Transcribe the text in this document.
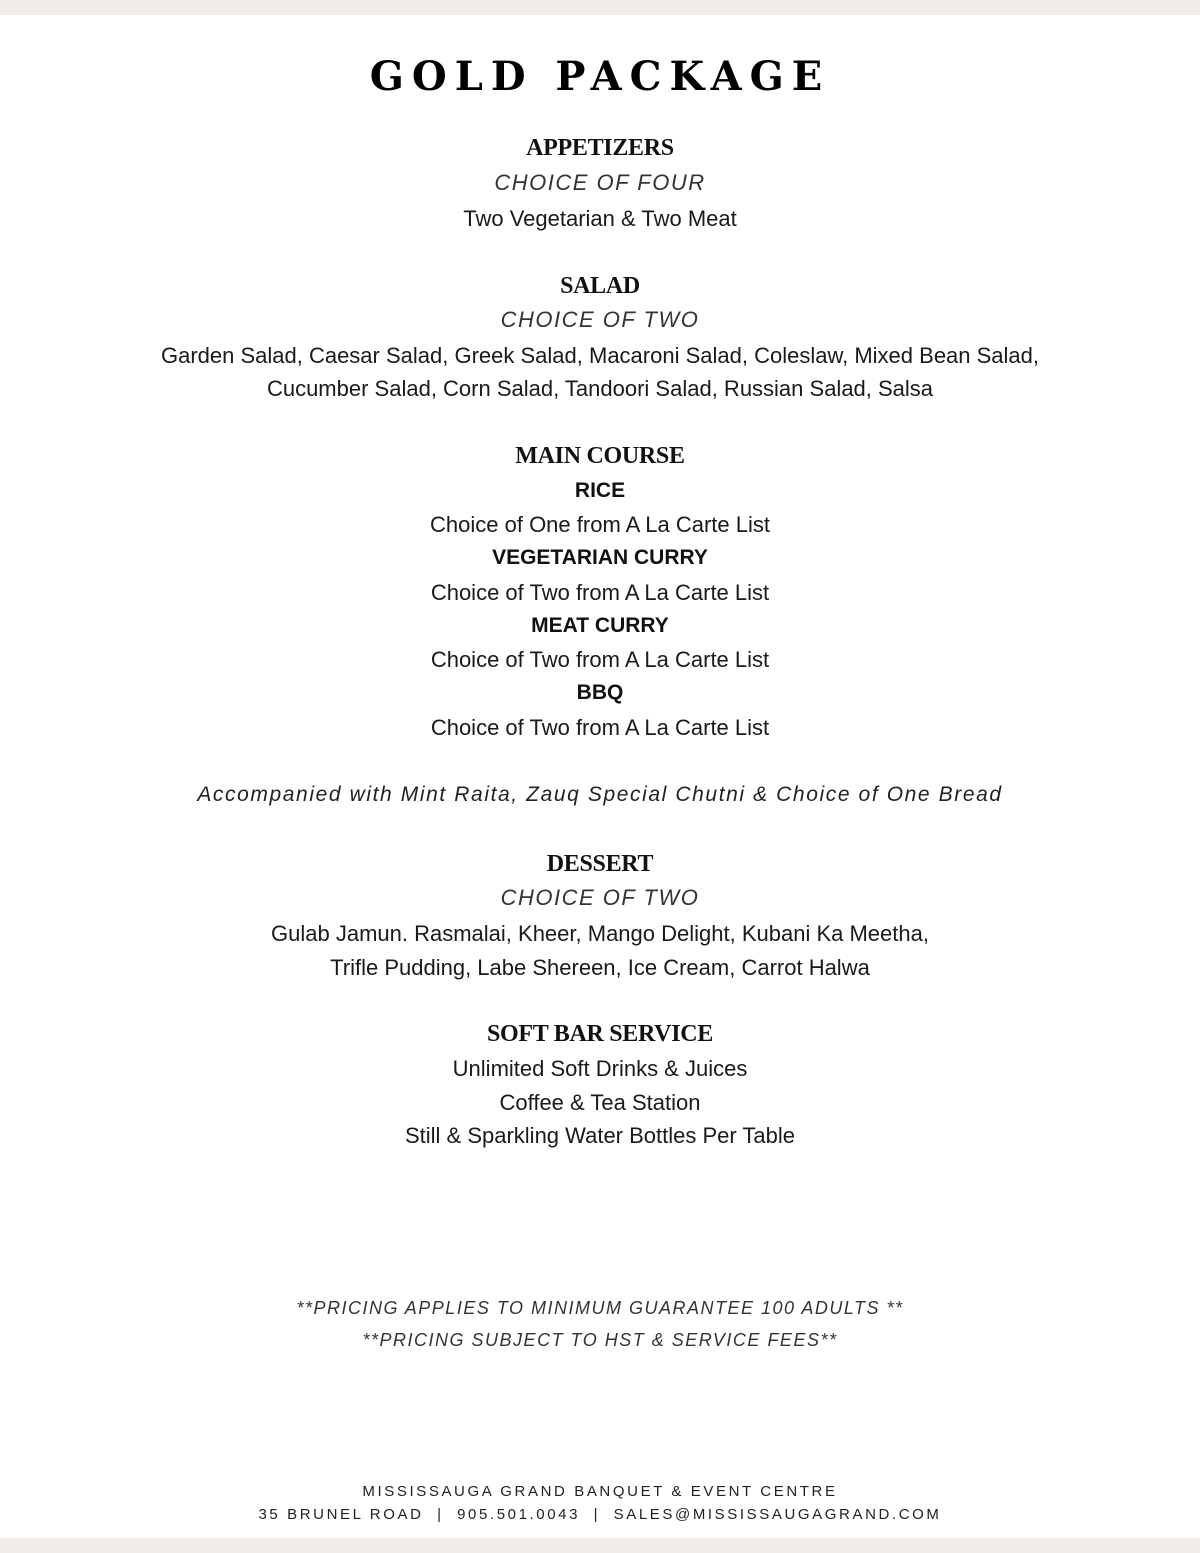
GOLD PACKAGE
APPETIZERS
CHOICE OF FOUR
Two Vegetarian & Two Meat
SALAD
CHOICE OF TWO
Garden Salad, Caesar Salad, Greek Salad, Macaroni Salad, Coleslaw, Mixed Bean Salad,
Cucumber Salad, Corn Salad, Tandoori Salad, Russian Salad, Salsa
MAIN COURSE
RICE
Choice of One from A La Carte List
VEGETARIAN CURRY
Choice of Two from A La Carte List
MEAT CURRY
Choice of Two from A La Carte List
BBQ
Choice of Two from A La Carte List
Accompanied with Mint Raita, Zauq Special Chutni & Choice of One Bread
DESSERT
CHOICE OF TWO
Gulab Jamun. Rasmalai, Kheer, Mango Delight, Kubani Ka Meetha,
Trifle Pudding, Labe Shereen, Ice Cream, Carrot Halwa
SOFT BAR SERVICE
Unlimited Soft Drinks & Juices
Coffee & Tea Station
Still & Sparkling Water Bottles Per Table
**PRICING APPLIES TO MINIMUM GUARANTEE 100 ADULTS **
**PRICING SUBJECT TO HST & SERVICE FEES**
MISSISSAUGA GRAND BANQUET & EVENT CENTRE
35 BRUNEL ROAD  |  905.501.0043  |  SALES@MISSISSAUGAGRAND.COM
